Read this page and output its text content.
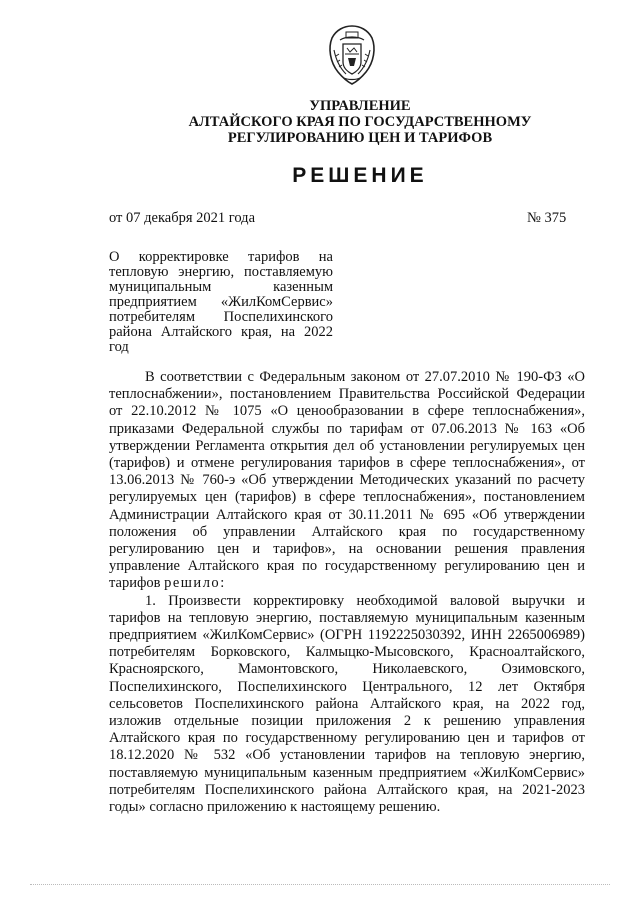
УПРАВЛЕНИЕ
АЛТАЙСКОГО КРАЯ ПО ГОСУДАРСТВЕННОМУ
РЕГУЛИРОВАНИЮ ЦЕН И ТАРИФОВ
РЕШЕНИЕ
от 07 декабря 2021 года	№ 375
О корректировке тарифов на
тепловую энергию, поставляемую
муниципальным казенным
предприятием «ЖилКомСервис»
потребителям Поспелихинского
района Алтайского края, на 2022
год

В соответствии с Федеральным законом от 27.07.2010 № 190-ФЗ «О теплоснабжении», постановлением Правительства Российской Федерации от 22.10.2012 № 1075 «О ценообразовании в сфере теплоснабжения», приказами Федеральной службы по тарифам от 07.06.2013 № 163 «Об утверждении Регламента открытия дел об установлении регулируемых цен (тарифов) и отмене регулирования тарифов в сфере теплоснабжения», от 13.06.2013 № 760-э «Об утверждении Методических указаний по расчету регулируемых цен (тарифов) в сфере теплоснабжения», постановлением Администрации Алтайского края от 30.11.2011 № 695 «Об утверждении положения об управлении Алтайского края по государственному регулированию цен и тарифов», на основании решения правления управление Алтайского края по государственному регулированию цен и тарифов решило:

1. Произвести корректировку необходимой валовой выручки и тарифов на тепловую энергию, поставляемую муниципальным казенным предприятием «ЖилКомСервис» (ОГРН 1192225030392, ИНН 2265006989) потребителям Борковского, Калмыцко-Мысовского, Красноалтайского, Красноярского, Мамонтовского, Николаевского, Озимовского, Поспелихинского, Поспелихинского Центрального, 12 лет Октября сельсоветов Поспелихинского района Алтайского края, на 2022 год, изложив отдельные позиции приложения 2 к решению управления Алтайского края по государственному регулированию цен и тарифов от 18.12.2020 № 532 «Об установлении тарифов на тепловую энергию, поставляемую муниципальным казенным предприятием «ЖилКомСервис» потребителям Поспелихинского района Алтайского края, на 2021-2023 годы» согласно приложению к настоящему решению.
